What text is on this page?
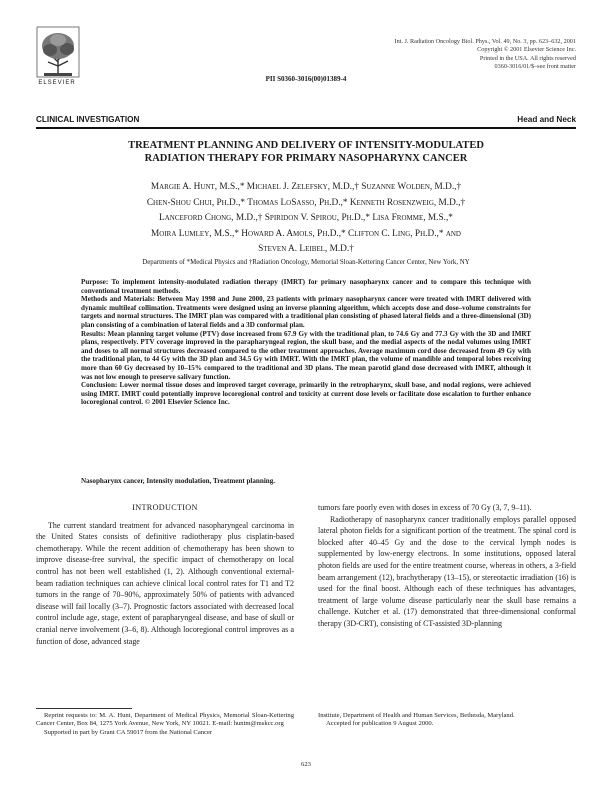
ELSEVIER
Int. J. Radiation Oncology Biol. Phys., Vol. 49, No. 3, pp. 623–632, 2001
Copyright © 2001 Elsevier Science Inc.
Printed in the USA. All rights reserved
0360-3016/01/$–see front matter
PII S0360-3016(00)01389-4
CLINICAL INVESTIGATION	Head and Neck
TREATMENT PLANNING AND DELIVERY OF INTENSITY-MODULATED
RADIATION THERAPY FOR PRIMARY NASOPHARYNX CANCER
Margie A. Hunt, M.S.,* Michael J. Zelefsky, M.D.,† Suzanne Wolden, M.D.,†
Chen-Shou Chui, Ph.D.,* Thomas LoSasso, Ph.D.,* Kenneth Rosenzweig, M.D.,†
Lanceford Chong, M.D.,† Spiridon V. Spirou, Ph.D.,* Lisa Fromme, M.S.,*
Moira Lumley, M.S.,* Howard A. Amols, Ph.D.,* Clifton C. Ling, Ph.D.,* and
Steven A. Leibel, M.D.†
Departments of *Medical Physics and †Radiation Oncology, Memorial Sloan-Kettering Cancer Center, New York, NY

Purpose: To implement intensity-modulated radiation therapy (IMRT) for primary nasopharynx cancer and to compare this technique with conventional treatment methods.

Methods and Materials: Between May 1998 and June 2000, 23 patients with primary nasopharynx cancer were treated with IMRT delivered with dynamic multileaf collimation. Treatments were designed using an inverse planning algorithm, which accepts dose and dose–volume constraints for targets and normal structures. The IMRT plan was compared with a traditional plan consisting of phased lateral fields and a three-dimensional (3D) plan consisting of a combination of lateral fields and a 3D conformal plan.

Results: Mean planning target volume (PTV) dose increased from 67.9 Gy with the traditional plan, to 74.6 Gy and 77.3 Gy with the 3D and IMRT plans, respectively. PTV coverage improved in the parapharyngeal region, the skull base, and the medial aspects of the nodal volumes using IMRT and doses to all normal structures decreased compared to the other treatment approaches. Average maximum cord dose decreased from 49 Gy with the traditional plan, to 44 Gy with the 3D plan and 34.5 Gy with IMRT. With the IMRT plan, the volume of mandible and temporal lobes receiving more than 60 Gy decreased by 10–15% compared to the traditional and 3D plans. The mean parotid gland dose decreased with IMRT, although it was not low enough to preserve salivary function.

Conclusion: Lower normal tissue doses and improved target coverage, primarily in the retropharynx, skull base, and nodal regions, were achieved using IMRT. IMRT could potentially improve locoregional control and toxicity at current dose levels or facilitate dose escalation to further enhance locoregional control. © 2001 Elsevier Science Inc.

Nasopharynx cancer, Intensity modulation, Treatment planning.
INTRODUCTION

The current standard treatment for advanced nasopharyngeal carcinoma in the United States consists of definitive radiotherapy plus cisplatin-based chemotherapy. While the recent addition of chemotherapy has been shown to improve disease-free survival, the specific impact of chemotherapy on local control has not been well established (1, 2). Although conventional external-beam radiation techniques can achieve clinical local control rates for T1 and T2 tumors in the range of 70–90%, approximately 50% of patients with advanced disease will fail locally (3–7). Prognostic factors associated with decreased local control include age, stage, extent of parapharyngeal disease, and base of skull or cranial nerve involvement (3–6, 8). Although locoregional control improves as a function of dose, advanced stage

tumors fare poorly even with doses in excess of 70 Gy (3, 7, 9–11).

Radiotherapy of nasopharynx cancer traditionally employs parallel opposed lateral photon fields for a significant portion of the treatment. The spinal cord is blocked after 40–45 Gy and the dose to the cervical lymph nodes is supplemented by low-energy electrons. In some institutions, opposed lateral photon fields are used for the entire treatment course, whereas in others, a 3-field beam arrangement (12), brachytherapy (13–15), or stereotactic irradiation (16) is used for the final boost. Although each of these techniques has advantages, treatment of large volume disease particularly near the skull base remains a challenge. Kutcher et al. (17) demonstrated that three-dimensional conformal therapy (3D-CRT), consisting of CT-assisted 3D-planning

Reprint requests to: M. A. Hunt, Department of Medical Physics, Memorial Sloan-Kettering Cancer Center, Box 84, 1275 York Avenue, New York, NY 10021. E-mail: huntm@mskcc.org

Supported in part by Grant CA 59017 from the National Cancer

Institute, Department of Health and Human Services, Bethesda, Maryland.

Accepted for publication 9 August 2000.

623
